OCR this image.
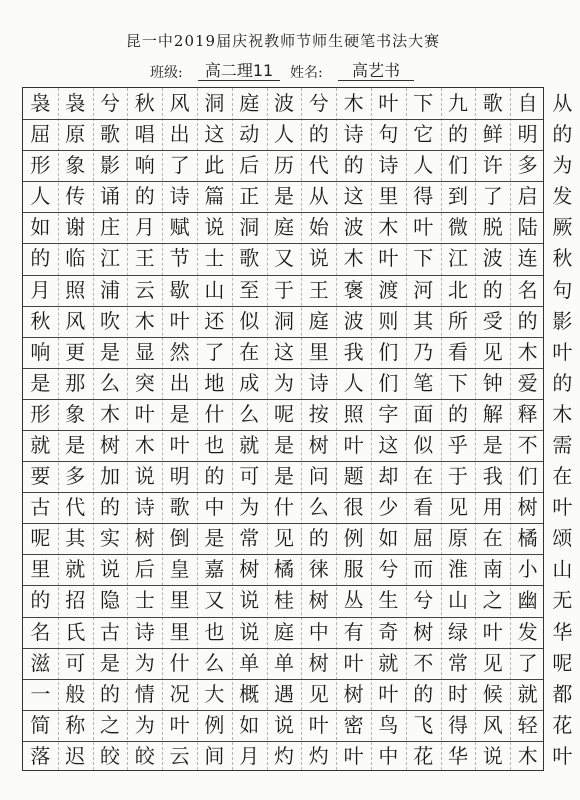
昆一中2019届庆祝教师节师生硬笔书法大赛
班级:	高二理11	姓名:	高艺书
袅 袅 兮 秋 风 洞 庭 波 兮 木 叶 下 九 歌 自 从
屈 原 歌 唱 出 这 动 人 的 诗 句 它 的 鲜 明 的
形 象 影 响 了 此 后 历 代 的 诗 人 们 许 多 为
人 传 诵 的 诗 篇 正 是 从 这 里 得 到 了 启 发
如 谢 庄 月 赋 说 洞 庭 始 波 木 叶 微 脱 陆 厥
的 临 江 王 节 士 歌 又 说 木 叶 下 江 波 连 秋
月 照 浦 云 歇 山 至 于 王 褒 渡 河 北 的 名 句
秋 风 吹 木 叶 还 似 洞 庭 波 则 其 所 受 的 影
响 更 是 显 然 了 在 这 里 我 们 乃 看 见 木 叶
是 那 么 突 出 地 成 为 诗 人 们 笔 下 钟 爱 的
形 象 木 叶 是 什 么 呢 按 照 字 面 的 解 释 木
就 是 树 木 叶 也 就 是 树 叶 这 似 乎 是 不 需
要 多 加 说 明 的 可 是 问 题 却 在 于 我 们 在
古 代 的 诗 歌 中 为 什 么 很 少 看 见 用 树 叶
呢 其 实 树 倒 是 常 见 的 例 如 屈 原 在 橘 颂
里 就 说 后 皇 嘉 树 橘 徕 服 兮 而 淮 南 小 山
的 招 隐 士 里 又 说 桂 树 丛 生 兮 山 之 幽 无
名 氏 古 诗 里 也 说 庭 中 有 奇 树 绿 叶 发 华
滋 可 是 为 什 么 单 单 树 叶 就 不 常 见 了 呢
一 般 的 情 况 大 概 遇 见 树 叶 的 时 候 就 都
简 称 之 为 叶 例 如 说 叶 密 鸟 飞 得 风 轻 花
落 迟 皎 皎 云 间 月 灼 灼 叶 中 花 华 说 木 叶
